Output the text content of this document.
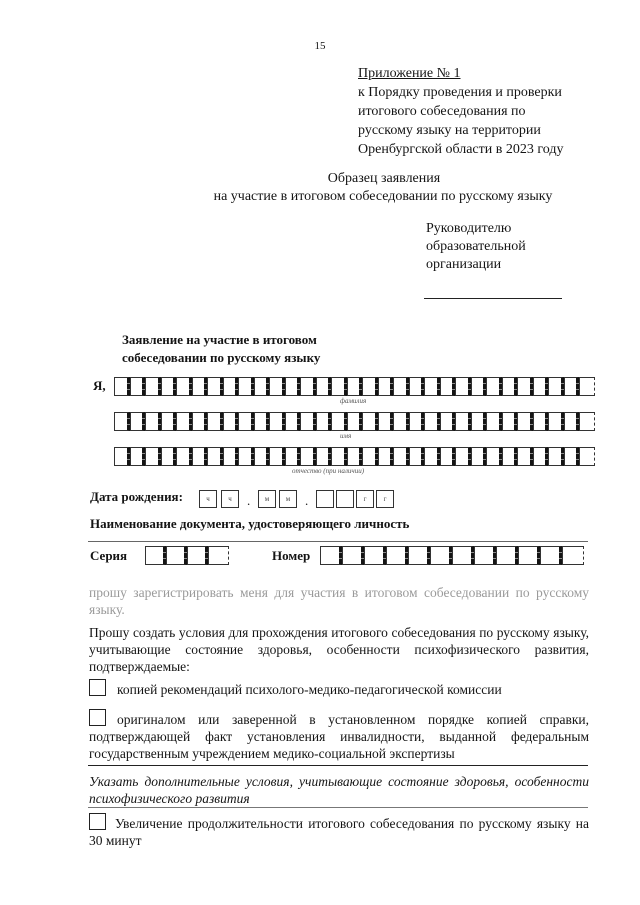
15
Приложение № 1
к Порядку проведения и проверки
итогового собеседования по
русскому языку на территории
Оренбургской области в 2023 году
Образец заявления
на участие в итоговом собеседовании по русскому языку
Руководителю
образовательной
организации
Заявление на участие в итоговом
собеседовании по русскому языку
Я,
фамилия
имя
отчество (при наличии)
Дата рождения:	ч	ч	.	м	м	.	г	г
Наименование документа, удостоверяющего личность
Серия	Номер
прошу зарегистрировать меня для участия в итоговом собеседовании по русскому языку.
Прошу создать условия для прохождения итогового собеседования по русскому языку, учитывающие состояние здоровья, особенности психофизического развития, подтверждаемые:
копией рекомендаций психолого-медико-педагогической комиссии
оригиналом или заверенной в установленном порядке копией справки, подтверждающей факт установления инвалидности, выданной федеральным государственным учреждением медико-социальной экспертизы
Указать дополнительные условия, учитывающие состояние здоровья, особенности психофизического развития
Увеличение продолжительности итогового собеседования по русскому языку на 30 минут
